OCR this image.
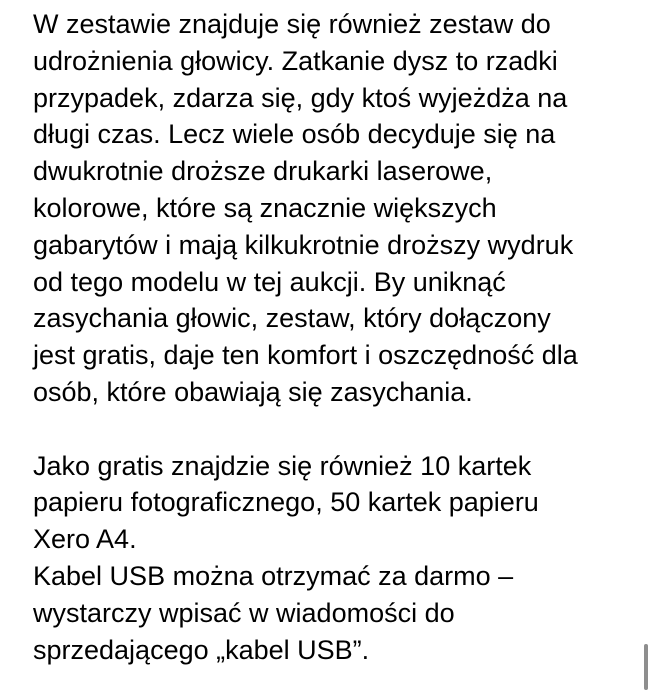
W zestawie znajduje się również zestaw do
udrożnienia głowicy. Zatkanie dysz to rzadki
przypadek, zdarza się, gdy ktoś wyjeżdża na
długi czas. Lecz wiele osób decyduje się na
dwukrotnie droższe drukarki laserowe,
kolorowe, które są znacznie większych
gabarytów i mają kilkukrotnie droższy wydruk
od tego modelu w tej aukcji. By uniknąć
zasychania głowic, zestaw, który dołączony
jest gratis, daje ten komfort i oszczędność dla
osób, które obawiają się zasychania.

Jako gratis znajdzie się również 10 kartek
papieru fotograficznego, 50 kartek papieru
Xero A4.
Kabel USB można otrzymać za darmo –
wystarczy wpisać w wiadomości do
sprzedającego „kabel USB”.
